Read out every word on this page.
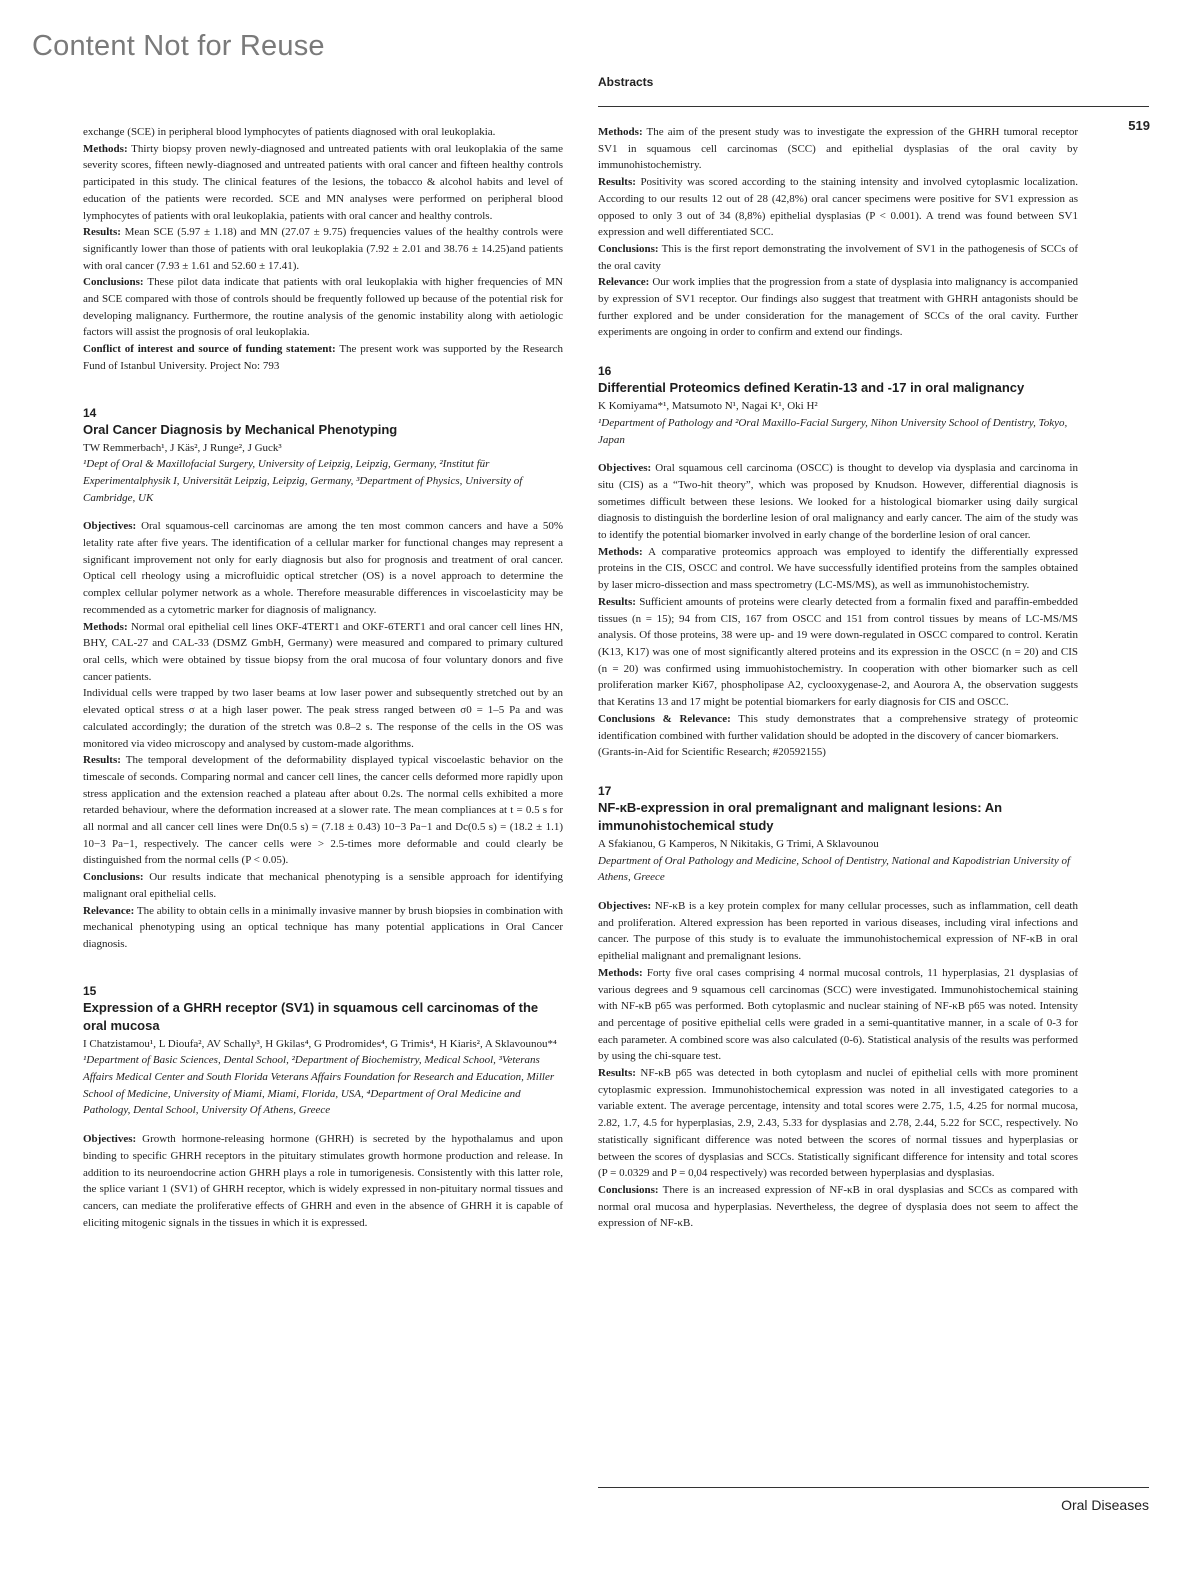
Content Not for Reuse
Abstracts
519

exchange (SCE) in peripheral blood lymphocytes of patients diagnosed with oral leukoplakia.

Methods: Thirty biopsy proven newly-diagnosed and untreated patients with oral leukoplakia of the same severity scores, fifteen newly-diagnosed and untreated patients with oral cancer and fifteen healthy controls participated in this study. The clinical features of the lesions, the tobacco & alcohol habits and level of education of the patients were recorded. SCE and MN analyses were performed on peripheral blood lymphocytes of patients with oral leukoplakia, patients with oral cancer and healthy controls.

Results: Mean SCE (5.97 ± 1.18) and MN (27.07 ± 9.75) frequencies values of the healthy controls were significantly lower than those of patients with oral leukoplakia (7.92 ± 2.01 and 38.76 ± 14.25)and patients with oral cancer (7.93 ± 1.61 and 52.60 ± 17.41).

Conclusions: These pilot data indicate that patients with oral leukoplakia with higher frequencies of MN and SCE compared with those of controls should be frequently followed up because of the potential risk for developing malignancy. Furthermore, the routine analysis of the genomic instability along with aetiologic factors will assist the prognosis of oral leukoplakia.

Conflict of interest and source of funding statement: The present work was supported by the Research Fund of Istanbul University. Project No: 793

14
Oral Cancer Diagnosis by Mechanical Phenotyping
TW Remmerbach¹, J Käs², J Runge², J Guck³
¹Dept of Oral & Maxillofacial Surgery, University of Leipzig, Leipzig, Germany, ²Institut für Experimentalphysik I, Universität Leipzig, Leipzig, Germany, ³Department of Physics, University of Cambridge, UK

Objectives: Oral squamous-cell carcinomas are among the ten most common cancers and have a 50% letality rate after five years. The identification of a cellular marker for functional changes may represent a significant improvement not only for early diagnosis but also for prognosis and treatment of oral cancer. Optical cell rheology using a microfluidic optical stretcher (OS) is a novel approach to determine the complex cellular polymer network as a whole. Therefore measurable differences in viscoelasticity may be recommended as a cytometric marker for diagnosis of malignancy.

Methods: Normal oral epithelial cell lines OKF-4TERT1 and OKF-6TERT1 and oral cancer cell lines HN, BHY, CAL-27 and CAL-33 (DSMZ GmbH, Germany) were measured and compared to primary cultured oral cells, which were obtained by tissue biopsy from the oral mucosa of four voluntary donors and five cancer patients.

Individual cells were trapped by two laser beams at low laser power and subsequently stretched out by an elevated optical stress σ at a high laser power. The peak stress ranged between σ0 = 1–5 Pa and was calculated accordingly; the duration of the stretch was 0.8–2 s. The response of the cells in the OS was monitored via video microscopy and analysed by custom-made algorithms.

Results: The temporal development of the deformability displayed typical viscoelastic behavior on the timescale of seconds. Comparing normal and cancer cell lines, the cancer cells deformed more rapidly upon stress application and the extension reached a plateau after about 0.2s. The normal cells exhibited a more retarded behaviour, where the deformation increased at a slower rate. The mean compliances at t = 0.5 s for all normal and all cancer cell lines were Dn(0.5 s) = (7.18 ± 0.43) 10−3 Pa−1 and Dc(0.5 s) = (18.2 ± 1.1) 10−3 Pa−1, respectively. The cancer cells were > 2.5-times more deformable and could clearly be distinguished from the normal cells (P < 0.05).

Conclusions: Our results indicate that mechanical phenotyping is a sensible approach for identifying malignant oral epithelial cells.

Relevance: The ability to obtain cells in a minimally invasive manner by brush biopsies in combination with mechanical phenotyping using an optical technique has many potential applications in Oral Cancer diagnosis.

15
Expression of a GHRH receptor (SV1) in squamous cell carcinomas of the oral mucosa
I Chatzistamou¹, L Dioufa², AV Schally³, H Gkilas⁴, G Prodromides⁴, G Trimis⁴, H Kiaris², A Sklavounou*⁴
¹Department of Basic Sciences, Dental School, ²Department of Biochemistry, Medical School, ³Veterans Affairs Medical Center and South Florida Veterans Affairs Foundation for Research and Education, Miller School of Medicine, University of Miami, Miami, Florida, USA, ⁴Department of Oral Medicine and Pathology, Dental School, University Of Athens, Greece

Objectives: Growth hormone-releasing hormone (GHRH) is secreted by the hypothalamus and upon binding to specific GHRH receptors in the pituitary stimulates growth hormone production and release. In addition to its neuroendocrine action GHRH plays a role in tumorigenesis. Consistently with this latter role, the splice variant 1 (SV1) of GHRH receptor, which is widely expressed in non-pituitary normal tissues and cancers, can mediate the proliferative effects of GHRH and even in the absence of GHRH it is capable of eliciting mitogenic signals in the tissues in which it is expressed.

Methods: The aim of the present study was to investigate the expression of the GHRH tumoral receptor SV1 in squamous cell carcinomas (SCC) and epithelial dysplasias of the oral cavity by immunohistochemistry.

Results: Positivity was scored according to the staining intensity and involved cytoplasmic localization. According to our results 12 out of 28 (42,8%) oral cancer specimens were positive for SV1 expression as opposed to only 3 out of 34 (8,8%) epithelial dysplasias (P < 0.001). A trend was found between SV1 expression and well differentiated SCC.

Conclusions: This is the first report demonstrating the involvement of SV1 in the pathogenesis of SCCs of the oral cavity

Relevance: Our work implies that the progression from a state of dysplasia into malignancy is accompanied by expression of SV1 receptor. Our findings also suggest that treatment with GHRH antagonists should be further explored and be under consideration for the management of SCCs of the oral cavity. Further experiments are ongoing in order to confirm and extend our findings.

16
Differential Proteomics defined Keratin-13 and -17 in oral malignancy
K Komiyama*¹, Matsumoto N¹, Nagai K¹, Oki H²
¹Department of Pathology and ²Oral Maxillo-Facial Surgery, Nihon University School of Dentistry, Tokyo, Japan

Objectives: Oral squamous cell carcinoma (OSCC) is thought to develop via dysplasia and carcinoma in situ (CIS) as a “Two-hit theory”, which was proposed by Knudson. However, differential diagnosis is sometimes difficult between these lesions. We looked for a histological biomarker using daily surgical diagnosis to distinguish the borderline lesion of oral malignancy and early cancer. The aim of the study was to identify the potential biomarker involved in early change of the borderline lesion of oral cancer.

Methods: A comparative proteomics approach was employed to identify the differentially expressed proteins in the CIS, OSCC and control. We have successfully identified proteins from the samples obtained by laser micro-dissection and mass spectrometry (LC-MS/MS), as well as immunohistochemistry.

Results: Sufficient amounts of proteins were clearly detected from a formalin fixed and paraffin-embedded tissues (n = 15); 94 from CIS, 167 from OSCC and 151 from control tissues by means of LC-MS/MS analysis. Of those proteins, 38 were up- and 19 were down-regulated in OSCC compared to control. Keratin (K13, K17) was one of most significantly altered proteins and its expression in the OSCC (n = 20) and CIS (n = 20) was confirmed using immuohistochemistry. In cooperation with other biomarker such as cell proliferation marker Ki67, phospholipase A2, cyclooxygenase-2, and Aourora A, the observation suggests that Keratins 13 and 17 might be potential biomarkers for early diagnosis for CIS and OSCC.

Conclusions & Relevance: This study demonstrates that a comprehensive strategy of proteomic identification combined with further validation should be adopted in the discovery of cancer biomarkers.

(Grants-in-Aid for Scientific Research; #20592155)

17
NF-κB-expression in oral premalignant and malignant lesions: An immunohistochemical study
A Sfakianou, G Kamperos, N Nikitakis, G Trimi, A Sklavounou
Department of Oral Pathology and Medicine, School of Dentistry, National and Kapodistrian University of Athens, Greece

Objectives: NF-κB is a key protein complex for many cellular processes, such as inflammation, cell death and proliferation. Altered expression has been reported in various diseases, including viral infections and cancer. The purpose of this study is to evaluate the immunohistochemical expression of NF-κB in oral epithelial malignant and premalignant lesions.

Methods: Forty five oral cases comprising 4 normal mucosal controls, 11 hyperplasias, 21 dysplasias of various degrees and 9 squamous cell carcinomas (SCC) were investigated. Immunohistochemical staining with NF-κB p65 was performed. Both cytoplasmic and nuclear staining of NF-κB p65 was noted. Intensity and percentage of positive epithelial cells were graded in a semi-quantitative manner, in a scale of 0-3 for each parameter. A combined score was also calculated (0-6). Statistical analysis of the results was performed by using the chi-square test.

Results: NF-κB p65 was detected in both cytoplasm and nuclei of epithelial cells with more prominent cytoplasmic expression. Immunohistochemical expression was noted in all investigated categories to a variable extent. The average percentage, intensity and total scores were 2.75, 1.5, 4.25 for normal mucosa, 2.82, 1.7, 4.5 for hyperplasias, 2.9, 2.43, 5.33 for dysplasias and 2.78, 2.44, 5.22 for SCC, respectively. No statistically significant difference was noted between the scores of normal tissues and hyperplasias or between the scores of dysplasias and SCCs. Statistically significant difference for intensity and total scores (P = 0.0329 and P = 0,04 respectively) was recorded between hyperplasias and dysplasias.

Conclusions: There is an increased expression of NF-κB in oral dysplasias and SCCs as compared with normal oral mucosa and hyperplasias. Nevertheless, the degree of dysplasia does not seem to affect the expression of NF-κB.

Oral Diseases
